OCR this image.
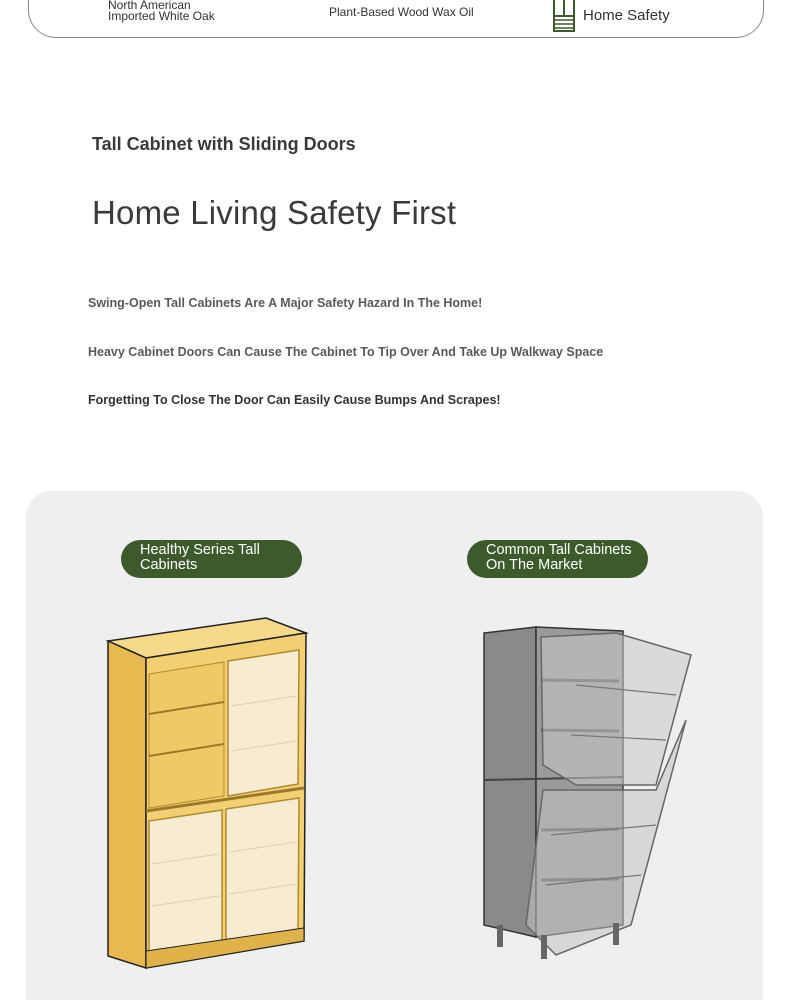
North American
Imported White Oak	Plant-Based Wood Wax Oil	Home Safety
Tall Cabinet with Sliding Doors
Home Living Safety First
Swing-Open Tall Cabinets Are A Major Safety Hazard In The Home!
Heavy Cabinet Doors Can Cause The Cabinet To Tip Over And Take Up Walkway Space
Forgetting To Close The Door Can Easily Cause Bumps And Scrapes!
Healthy Series Tall
Cabinets
Common Tall Cabinets
On The Market
